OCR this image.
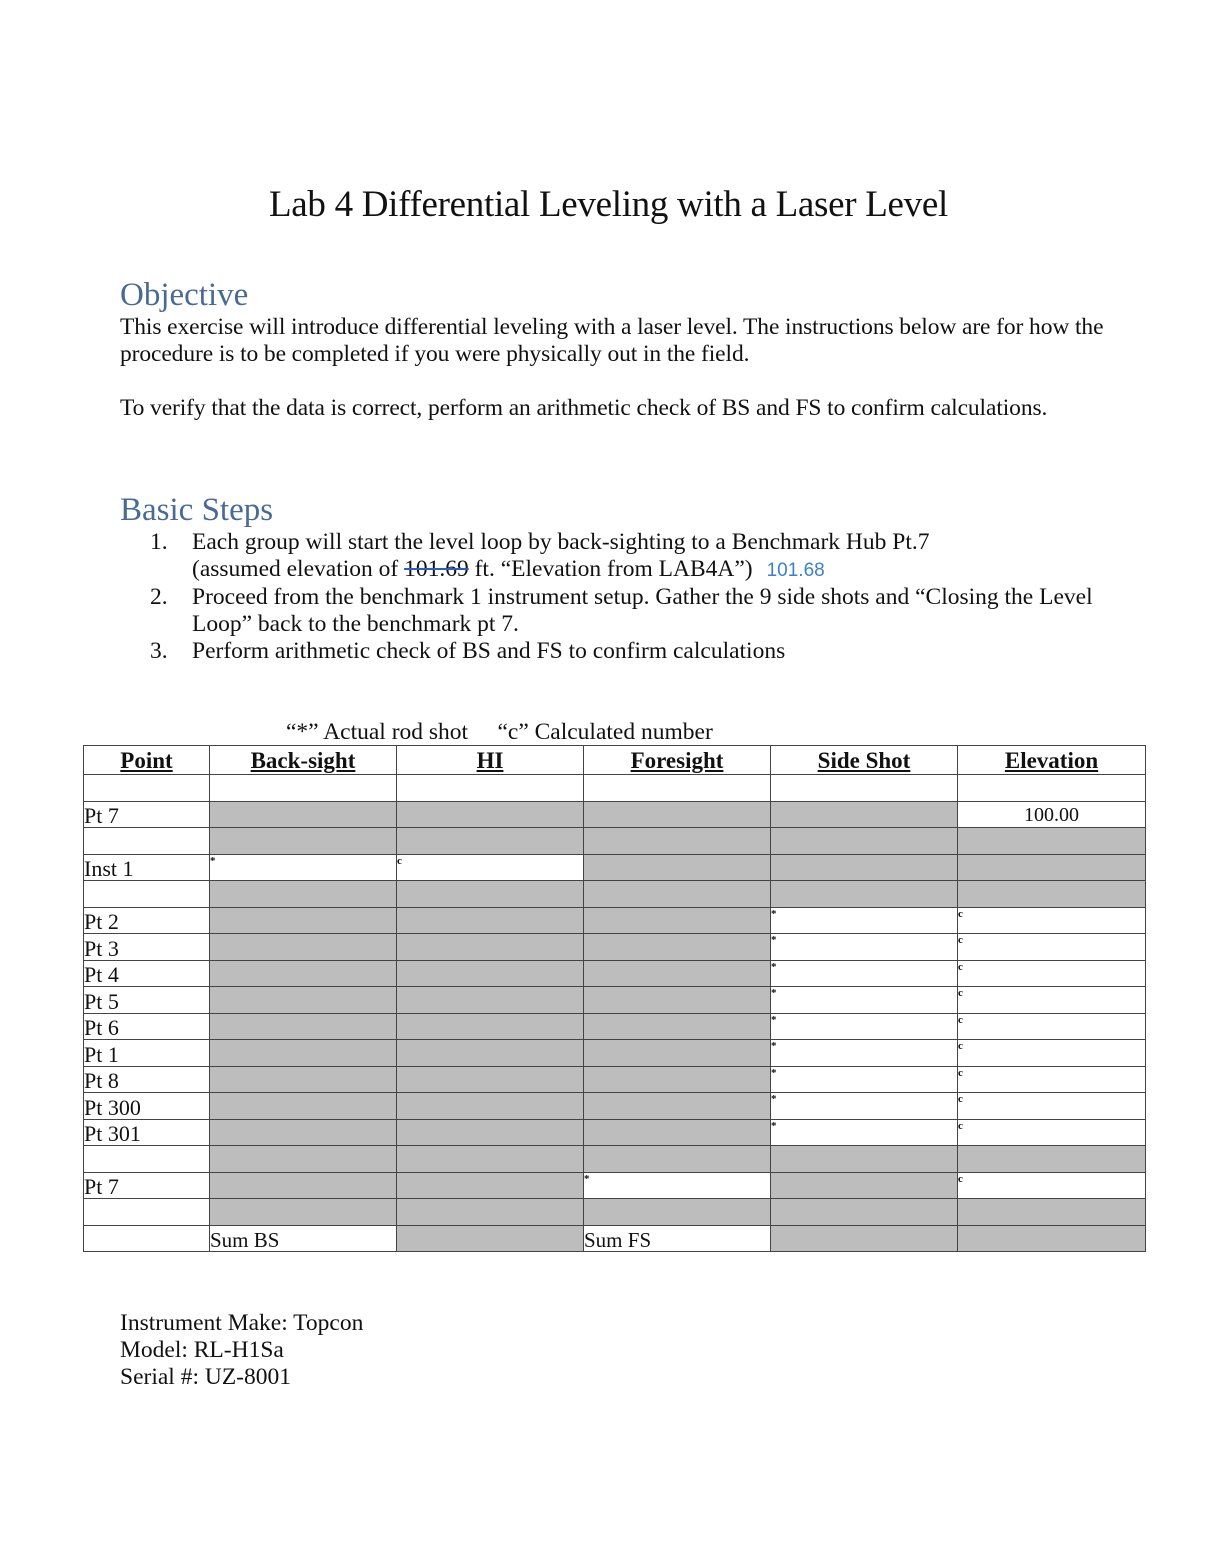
Lab 4 Differential Leveling with a Laser Level
Objective
This exercise will introduce differential leveling with a laser level. The instructions below are for how the procedure is to be completed if you were physically out in the field.
To verify that the data is correct, perform an arithmetic check of BS and FS to confirm calculations.
Basic Steps
1.	Each group will start the level loop by back-sighting to a Benchmark Hub Pt.7
(assumed elevation of 101.69 ft. “Elevation from LAB4A”) 101.68
2.	Proceed from the benchmark 1 instrument setup. Gather the 9 side shots and “Closing the Level Loop” back to the benchmark pt 7.
3.	Perform arithmetic check of BS and FS to confirm calculations
“*” Actual rod shot     “c” Calculated number
Point	Back-sight	HI	Foresight	Side Shot	Elevation

Pt 7					100.00

Inst 1	*	c			

Pt 2				*	c
Pt 3				*	c
Pt 4				*	c
Pt 5				*	c
Pt 6				*	c
Pt 1				*	c
Pt 8				*	c
Pt 300				*	c
Pt 301				*	c

Pt 7			*		c

	Sum BS		Sum FS		
Instrument Make: Topcon
Model: RL-H1Sa
Serial #: UZ-8001
